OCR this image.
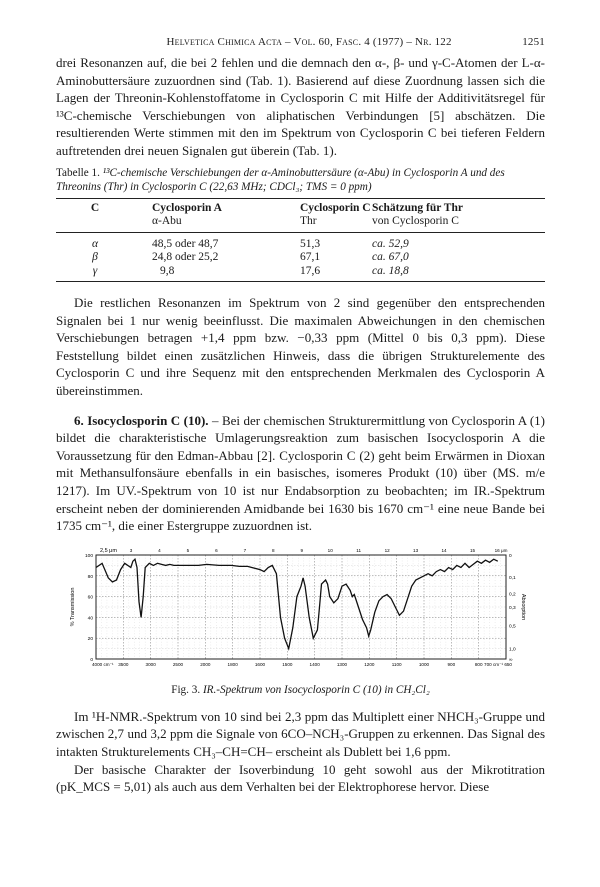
Helvetica Chimica Acta – Vol. 60, Fasc. 4 (1977) – Nr. 122	1251

drei Resonanzen auf, die bei 2 fehlen und die demnach den α-, β- und γ-C-Atomen der L-α-Aminobuttersäure zuzuordnen sind (Tab. 1). Basierend auf diese Zuordnung lassen sich die Lagen der Threonin-Kohlenstoffatome in Cyclosporin C mit Hilfe der Additivitätsregel für ¹³C-chemische Verschiebungen von aliphatischen Verbindungen [5] abschätzen. Die resultierenden Werte stimmen mit den im Spektrum von Cyclosporin C bei tieferen Feldern auftretenden drei neuen Signalen gut überein (Tab. 1).

Tabelle 1. ¹³C-chemische Verschiebungen der α-Aminobuttersäure (α-Abu) in Cyclosporin A und des Threonins (Thr) in Cyclosporin C (22,63 MHz; CDCl₃; TMS = 0 ppm)
C	Cyclosporin A	Cyclosporin C	Schätzung für Thr
	α-Abu	Thr	von Cyclosporin C
α	48,5 oder 48,7	51,3	ca. 52,9
β	24,8 oder 25,2	67,1	ca. 67,0
γ	9,8	17,6	ca. 18,8

Die restlichen Resonanzen im Spektrum von 2 sind gegenüber den entsprechenden Signalen bei 1 nur wenig beeinflusst. Die maximalen Abweichungen in den chemischen Verschiebungen betragen +1,4 ppm bzw. −0,33 ppm (Mittel 0 bis 0,3 ppm). Diese Feststellung bildet einen zusätzlichen Hinweis, dass die übrigen Strukturelemente des Cyclosporin C und ihre Sequenz mit den entsprechenden Merkmalen des Cyclosporin A übereinstimmen.

6. Isocyclosporin C (10). – Bei der chemischen Strukturermittlung von Cyclosporin A (1) bildet die charakteristische Umlagerungsreaktion zum basischen Isocyclosporin A die Voraussetzung für den Edman-Abbau [2]. Cyclosporin C (2) geht beim Erwärmen in Dioxan mit Methansulfonsäure ebenfalls in ein basisches, isomeres Produkt (10) über (MS. m/e 1217). Im UV.-Spektrum von 10 ist nur Endabsorption zu beobachten; im IR.-Spektrum erscheint neben der dominierenden Amidbande bei 1630 bis 1670 cm⁻¹ eine neue Bande bei 1735 cm⁻¹, die einer Estergruppe zuzuordnen ist.

3	4	5	6	7	8	9	10	11	12	13	14	15	16 μm
4000 cm⁻¹ 3500	3000	2500	2000	1800	1600	1500	1400	1300	1200	1100	1000	900	800 700 cm⁻¹ 650
100
80
60
40
20
0
0
0,1
0,2
0,3
0,5
1,0
∞
% Transmission	Absorption
2,5 μm
Fig. 3. IR.-Spektrum von Isocyclosporin C (10) in CH₂Cl₂

Im ¹H-NMR.-Spektrum von 10 sind bei 2,3 ppm das Multiplett einer NHCH₃-Gruppe und zwischen 2,7 und 3,2 ppm die Signale von 6CO–NCH₃-Gruppen zu erkennen. Das Signal des intakten Strukturelements CH₃–CH=CH– erscheint als Dublett bei 1,6 ppm.

Der basische Charakter der Isoverbindung 10 geht sowohl aus der Mikrotitration (pK_MCS = 5,01) als auch aus dem Verhalten bei der Elektrophorese hervor. Diese
